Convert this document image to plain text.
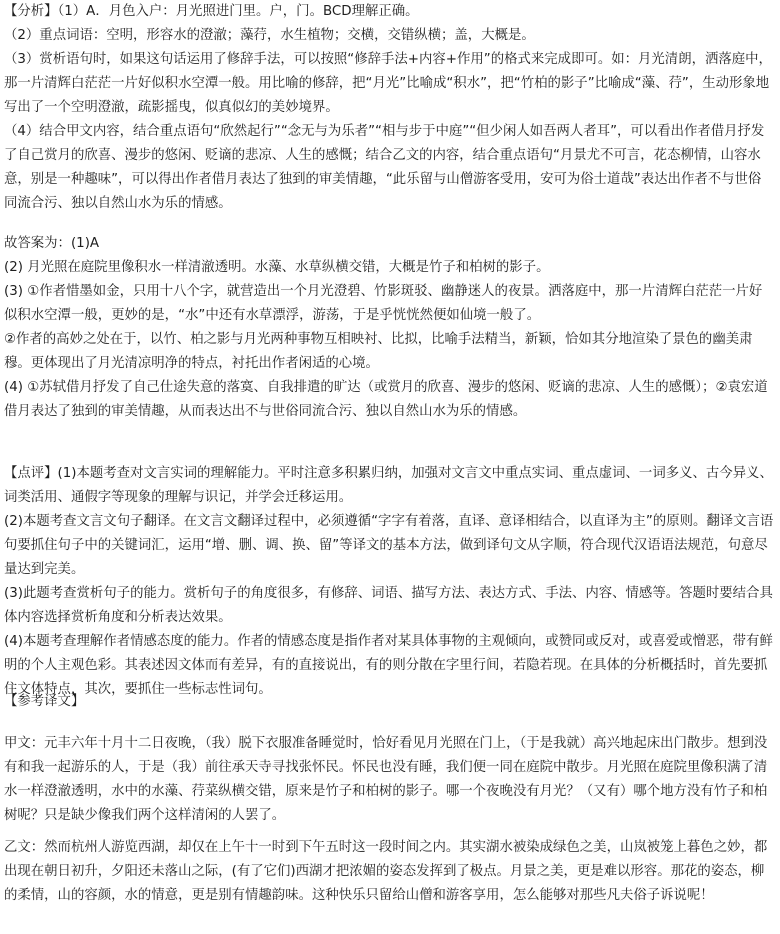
【分析】（1）A．月色入户：月光照进门里。户，门。BCD理解正确。

（2）重点词语：空明，形容水的澄澈；藻荇，水生植物；交横，交错纵横；盖，大概是。

（3）赏析语句时，如果这句话运用了修辞手法，可以按照“修辞手法+内容+作用”的格式来完成即可。如：月光清朗，洒落庭中，那一片清辉白茫茫一片好似积水空潭一般。用比喻的修辞，把“月光”比喻成“积水”，把“竹柏的影子”比喻成“藻、荇”，生动形象地写出了一个空明澄澈，疏影摇曳，似真似幻的美妙境界。

（4）结合甲文内容，结合重点语句“欣然起行”“念无与为乐者”“相与步于中庭”“但少闲人如吾两人者耳”，可以看出作者借月抒发了自己赏月的欣喜、漫步的悠闲、贬谪的悲凉、人生的感慨；结合乙文的内容，结合重点语句“月景尤不可言，花态柳情，山容水意，别是一种趣味”，可以得出作者借月表达了独到的审美情趣，“此乐留与山僧游客受用，安可为俗士道哉”表达出作者不与世俗同流合污、独以自然山水为乐的情感。

故答案为：(1)A

(2) 月光照在庭院里像积水一样清澈透明。水藻、水草纵横交错，大概是竹子和柏树的影子。

(3) ①作者惜墨如金，只用十八个字，就营造出一个月光澄碧、竹影斑驳、幽静迷人的夜景。洒落庭中，那一片清辉白茫茫一片好似积水空潭一般，更妙的是，“水”中还有水草漂浮，游荡，于是乎恍恍然便如仙境一般了。

②作者的高妙之处在于，以竹、柏之影与月光两种事物互相映衬、比拟，比喻手法精当，新颖，恰如其分地渲染了景色的幽美肃穆。更体现出了月光清凉明净的特点，衬托出作者闲适的心境。

(4) ①苏轼借月抒发了自己仕途失意的落寞、自我排遣的旷达（或赏月的欣喜、漫步的悠闲、贬谪的悲凉、人生的感慨）；②袁宏道借月表达了独到的审美情趣，从而表达出不与世俗同流合污、独以自然山水为乐的情感。

【点评】(1)本题考查对文言实词的理解能力。平时注意多积累归纳，加强对文言文中重点实词、重点虚词、一词多义、古今异义、词类活用、通假字等现象的理解与识记，并学会迁移运用。

(2)本题考查文言文句子翻译。在文言文翻译过程中，必须遵循“字字有着落，直译、意译相结合，以直译为主”的原则。翻译文言语句要抓住句子中的关键词汇，运用“增、删、调、换、留”等译文的基本方法，做到译句文从字顺，符合现代汉语语法规范，句意尽量达到完美。

(3)此题考查赏析句子的能力。赏析句子的角度很多，有修辞、词语、描写方法、表达方式、手法、内容、情感等。答题时要结合具体内容选择赏析角度和分析表达效果。

(4)本题考查理解作者情感态度的能力。作者的情感态度是指作者对某具体事物的主观倾向，或赞同或反对，或喜爱或憎恶，带有鲜明的个人主观色彩。其表述因文体而有差异，有的直接说出，有的则分散在字里行间，若隐若现。在具体的分析概括时，首先要抓住文体特点，其次，要抓住一些标志性词句。

【参考译文】

甲文：元丰六年十月十二日夜晚，（我）脱下衣服准备睡觉时，恰好看见月光照在门上，（于是我就）高兴地起床出门散步。想到没有和我一起游乐的人，于是（我）前往承天寺寻找张怀民。怀民也没有睡，我们便一同在庭院中散步。月光照在庭院里像积满了清水一样澄澈透明，水中的水藻、荇菜纵横交错，原来是竹子和柏树的影子。哪一个夜晚没有月光？（又有）哪个地方没有竹子和柏树呢？只是缺少像我们两个这样清闲的人罢了。

乙文：然而杭州人游览西湖，却仅在上午十一时到下午五时这一段时间之内。其实湖水被染成绿色之美，山岚被笼上暮色之妙，都出现在朝日初升，夕阳还未落山之际，(有了它们)西湖才把浓媚的姿态发挥到了极点。月景之美，更是难以形容。那花的姿态，柳的柔情，山的容颜，水的情意，更是别有情趣韵味。这种快乐只留给山僧和游客享用，怎么能够对那些凡夫俗子诉说呢！
